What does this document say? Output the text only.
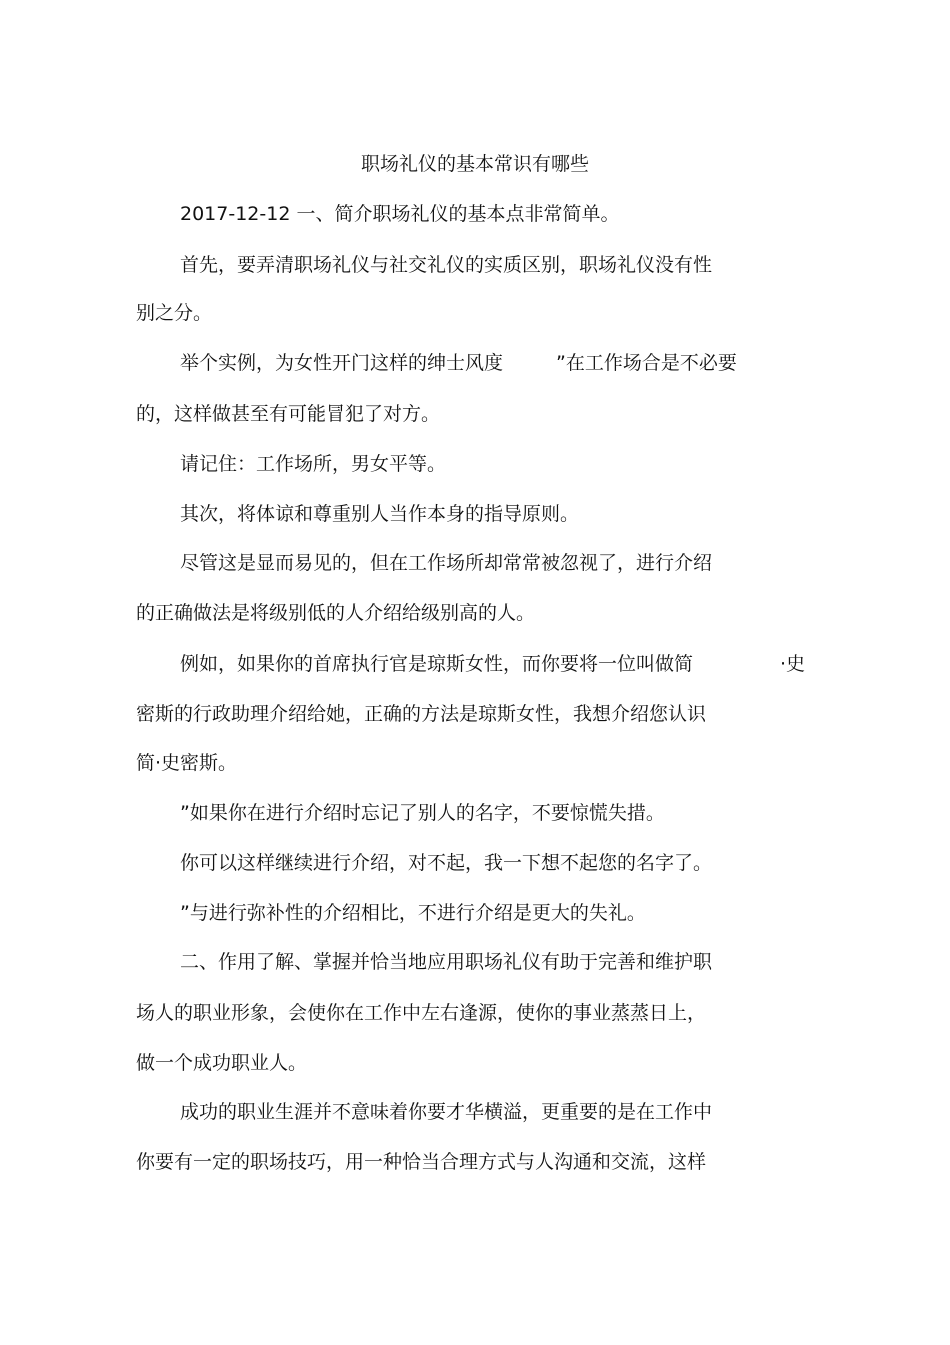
职场礼仪的基本常识有哪些
2017-12-12 一、简介职场礼仪的基本点非常简单。
首先，要弄清职场礼仪与社交礼仪的实质区别，职场礼仪没有性
别之分。
举个实例，为女性开门这样的绅士风度	”在工作场合是不必要
的，这样做甚至有可能冒犯了对方。
请记住：工作场所，男女平等。
其次，将体谅和尊重别人当作本身的指导原则。
尽管这是显而易见的，但在工作场所却常常被忽视了，进行介绍
的正确做法是将级别低的人介绍给级别高的人。
例如，如果你的首席执行官是琼斯女性，而你要将一位叫做简	·史
密斯的行政助理介绍给她，正确的方法是琼斯女性，我想介绍您认识
简·史密斯。
”如果你在进行介绍时忘记了别人的名字，不要惊慌失措。
你可以这样继续进行介绍，对不起，我一下想不起您的名字了。
”与进行弥补性的介绍相比，不进行介绍是更大的失礼。
二、作用了解、掌握并恰当地应用职场礼仪有助于完善和维护职
场人的职业形象，会使你在工作中左右逢源，使你的事业蒸蒸日上，
做一个成功职业人。
成功的职业生涯并不意味着你要才华横溢，更重要的是在工作中
你要有一定的职场技巧，用一种恰当合理方式与人沟通和交流，这样
